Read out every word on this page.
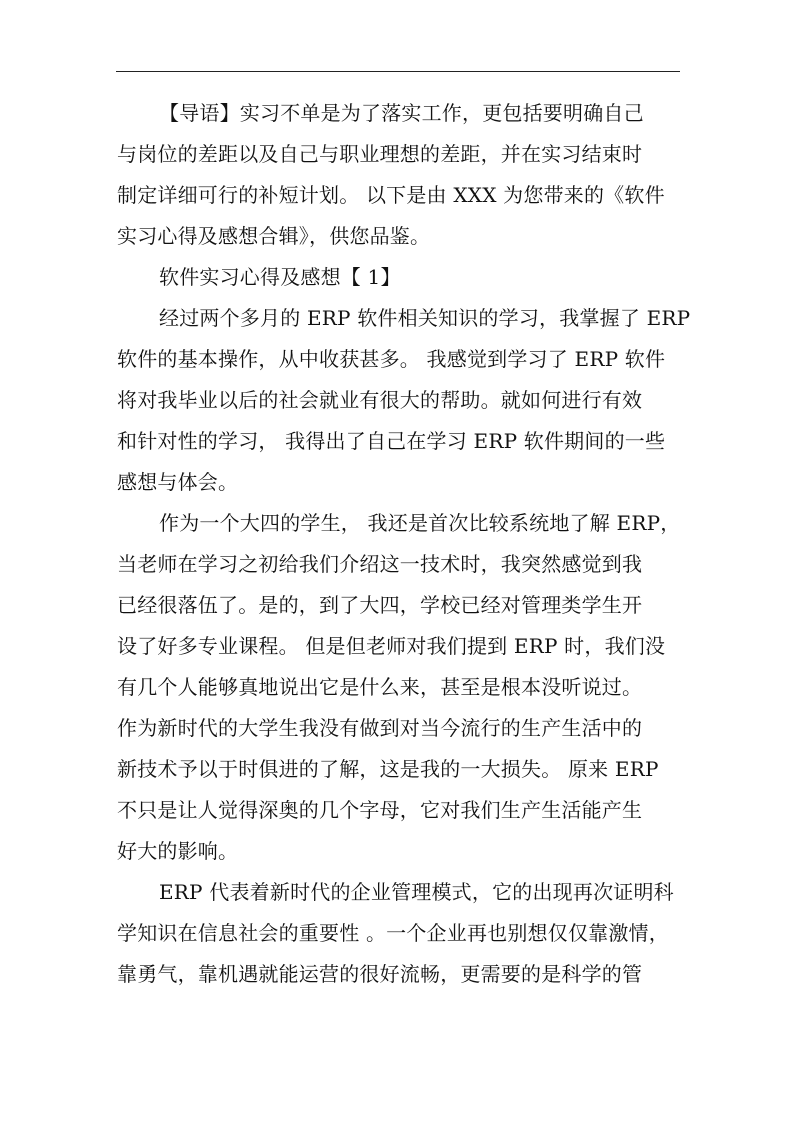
【导语】实习不单是为了落实工作，更包括要明确自己
与岗位的差距以及自己与职业理想的差距，并在实习结束时
制定详细可行的补短计划。 以下是由 XXX 为您带来的《软件
实习心得及感想合辑》，供您品鉴。
软件实习心得及感想【 1】
经过两个多月的 ERP 软件相关知识的学习，我掌握了 ERP
软件的基本操作，从中收获甚多。 我感觉到学习了 ERP 软件
将对我毕业以后的社会就业有很大的帮助。就如何进行有效
和针对性的学习， 我得出了自己在学习 ERP 软件期间的一些
感想与体会。
作为一个大四的学生， 我还是首次比较系统地了解 ERP，
当老师在学习之初给我们介绍这一技术时，我突然感觉到我
已经很落伍了。是的，到了大四，学校已经对管理类学生开
设了好多专业课程。 但是但老师对我们提到 ERP 时，我们没
有几个人能够真地说出它是什么来，甚至是根本没听说过。
作为新时代的大学生我没有做到对当今流行的生产生活中的
新技术予以于时俱进的了解，这是我的一大损失。 原来 ERP
不只是让人觉得深奥的几个字母，它对我们生产生活能产生
好大的影响。
ERP 代表着新时代的企业管理模式，它的出现再次证明科
学知识在信息社会的重要性 。一个企业再也别想仅仅靠激情，
靠勇气，靠机遇就能运营的很好流畅，更需要的是科学的管
